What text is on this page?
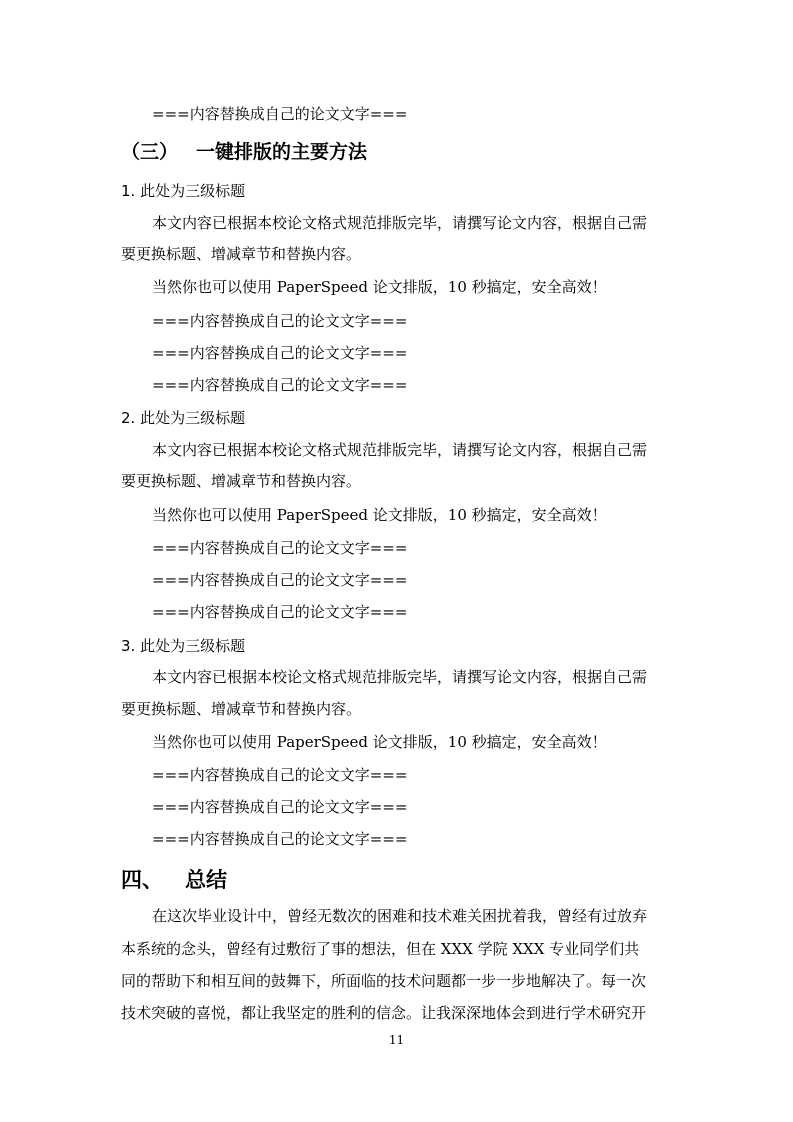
===内容替换成自己的论文文字===
（三） 一键排版的主要方法
1. 此处为三级标题
本文内容已根据本校论文格式规范排版完毕，请撰写论文内容，根据自己需
要更换标题、增减章节和替换内容。
当然你也可以使用 PaperSpeed 论文排版，10 秒搞定，安全高效！
===内容替换成自己的论文文字===
===内容替换成自己的论文文字===
===内容替换成自己的论文文字===
2. 此处为三级标题
本文内容已根据本校论文格式规范排版完毕，请撰写论文内容，根据自己需
要更换标题、增减章节和替换内容。
当然你也可以使用 PaperSpeed 论文排版，10 秒搞定，安全高效！
===内容替换成自己的论文文字===
===内容替换成自己的论文文字===
===内容替换成自己的论文文字===
3. 此处为三级标题
本文内容已根据本校论文格式规范排版完毕，请撰写论文内容，根据自己需
要更换标题、增减章节和替换内容。
当然你也可以使用 PaperSpeed 论文排版，10 秒搞定，安全高效！
===内容替换成自己的论文文字===
===内容替换成自己的论文文字===
===内容替换成自己的论文文字===
四、 总结
在这次毕业设计中，曾经无数次的困难和技术难关困扰着我，曾经有过放弃
本系统的念头，曾经有过敷衍了事的想法，但在 XXX 学院 XXX 专业同学们共
同的帮助下和相互间的鼓舞下，所面临的技术问题都一步一步地解决了。每一次
技术突破的喜悦，都让我坚定的胜利的信念。让我深深地体会到进行学术研究开
11
